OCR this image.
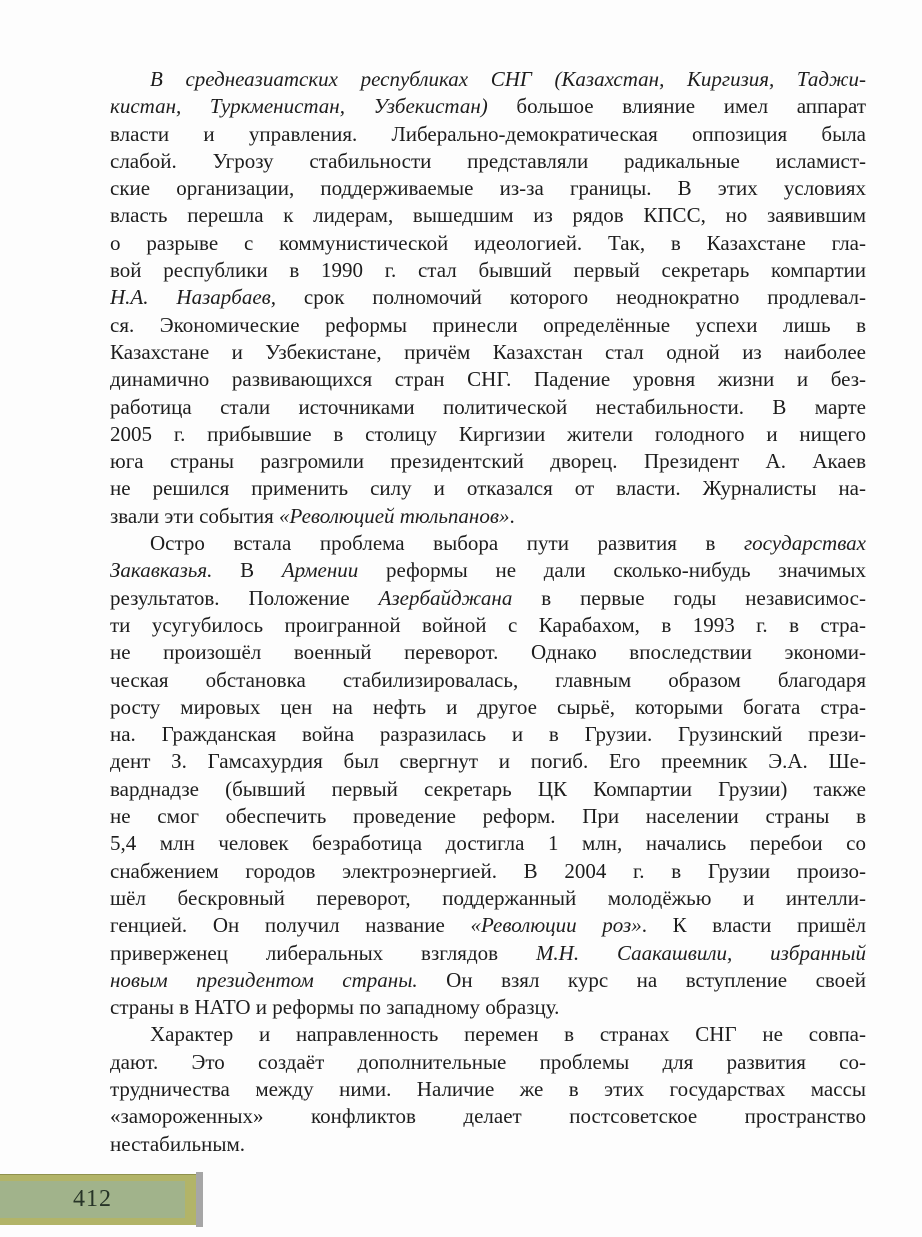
В среднеазиатских республиках СНГ (Казахстан, Киргизия, Таджи-
кистан, Туркменистан, Узбекистан) большое влияние имел аппарат
власти и управления. Либерально-демократическая оппозиция была
слабой. Угрозу стабильности представляли радикальные исламист-
ские организации, поддерживаемые из-за границы. В этих условиях
власть перешла к лидерам, вышедшим из рядов КПСС, но заявившим
о разрыве с коммунистической идеологией. Так, в Казахстане гла-
вой республики в 1990 г. стал бывший первый секретарь компартии
Н.А. Назарбаев, срок полномочий которого неоднократно продлевал-
ся. Экономические реформы принесли определённые успехи лишь в
Казахстане и Узбекистане, причём Казахстан стал одной из наиболее
динамично развивающихся стран СНГ. Падение уровня жизни и без-
работица стали источниками политической нестабильности. В марте
2005 г. прибывшие в столицу Киргизии жители голодного и нищего
юга страны разгромили президентский дворец. Президент А. Акаев
не решился применить силу и отказался от власти. Журналисты на-
звали эти события «Революцией тюльпанов».
Остро встала проблема выбора пути развития в государствах
Закавказья. В Армении реформы не дали сколько-нибудь значимых
результатов. Положение Азербайджана в первые годы независимос-
ти усугубилось проигранной войной с Карабахом, в 1993 г. в стра-
не произошёл военный переворот. Однако впоследствии экономи-
ческая обстановка стабилизировалась, главным образом благодаря
росту мировых цен на нефть и другое сырьё, которыми богата стра-
на. Гражданская война разразилась и в Грузии. Грузинский прези-
дент З. Гамсахурдия был свергнут и погиб. Его преемник Э.А. Ше-
варднадзе (бывший первый секретарь ЦК Компартии Грузии) также
не смог обеспечить проведение реформ. При населении страны в
5,4 млн человек безработица достигла 1 млн, начались перебои со
снабжением городов электроэнергией. В 2004 г. в Грузии произо-
шёл бескровный переворот, поддержанный молодёжью и интелли-
генцией. Он получил название «Революции роз». К власти пришёл
приверженец либеральных взглядов М.Н. Саакашвили, избранный
новым президентом страны. Он взял курс на вступление своей
страны в НАТО и реформы по западному образцу.
Характер и направленность перемен в странах СНГ не совпа-
дают. Это создаёт дополнительные проблемы для развития со-
трудничества между ними. Наличие же в этих государствах массы
«замороженных» конфликтов делает постсоветское пространство
нестабильным.
412
